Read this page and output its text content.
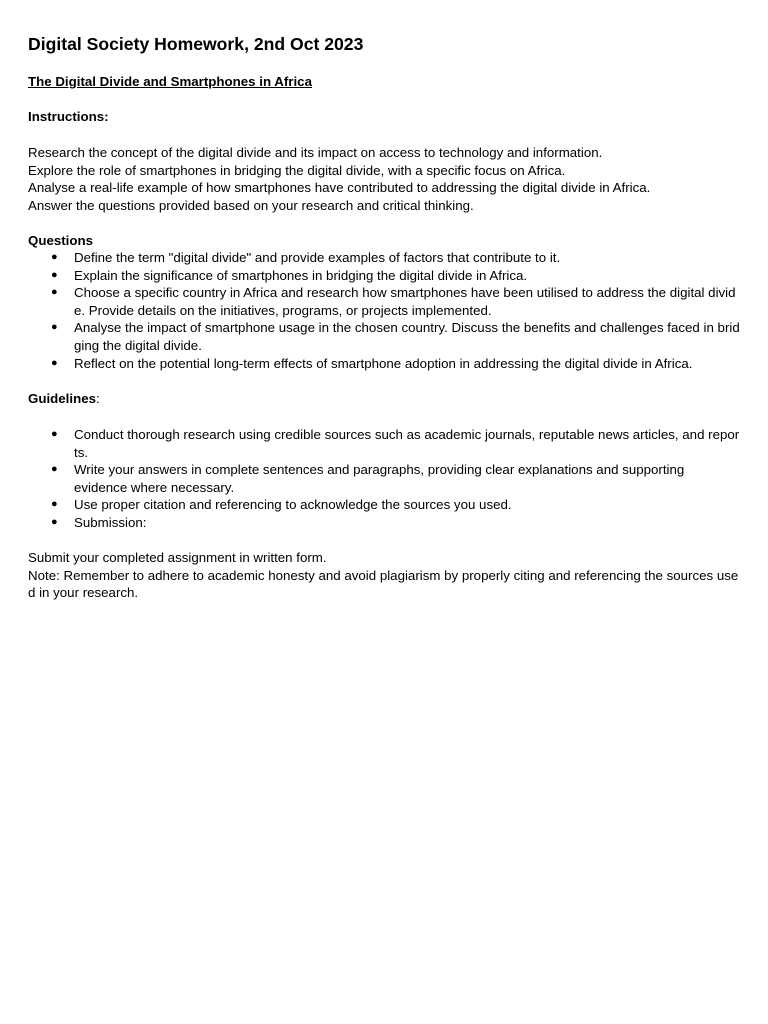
Digital Society Homework, 2nd Oct 2023
The Digital Divide and Smartphones in Africa
Instructions:

Research the concept of the digital divide and its impact on access to technology and information.

Explore the role of smartphones in bridging the digital divide, with a specific focus on Africa.

Analyse a real-life example of how smartphones have contributed to addressing the digital divide in Africa.

Answer the questions provided based on your research and critical thinking.

Questions
● Define the term "digital divide" and provide examples of factors that contribute to it.
● Explain the significance of smartphones in bridging the digital divide in Africa.
● Choose a specific country in Africa and research how smartphones have been utilised to address the digital divide. Provide details on the initiatives, programs, or projects implemented.
● Analyse the impact of smartphone usage in the chosen country. Discuss the benefits and challenges faced in bridging the digital divide.
● Reflect on the potential long-term effects of smartphone adoption in addressing the digital divide in Africa.
Guidelines:
● Conduct thorough research using credible sources such as academic journals, reputable news articles, and reports.
● Write your answers in complete sentences and paragraphs, providing clear explanations and supporting evidence where necessary.
● Use proper citation and referencing to acknowledge the sources you used.
● Submission:

Submit your completed assignment in written form.

Note: Remember to adhere to academic honesty and avoid plagiarism by properly citing and referencing the sources used in your research.
